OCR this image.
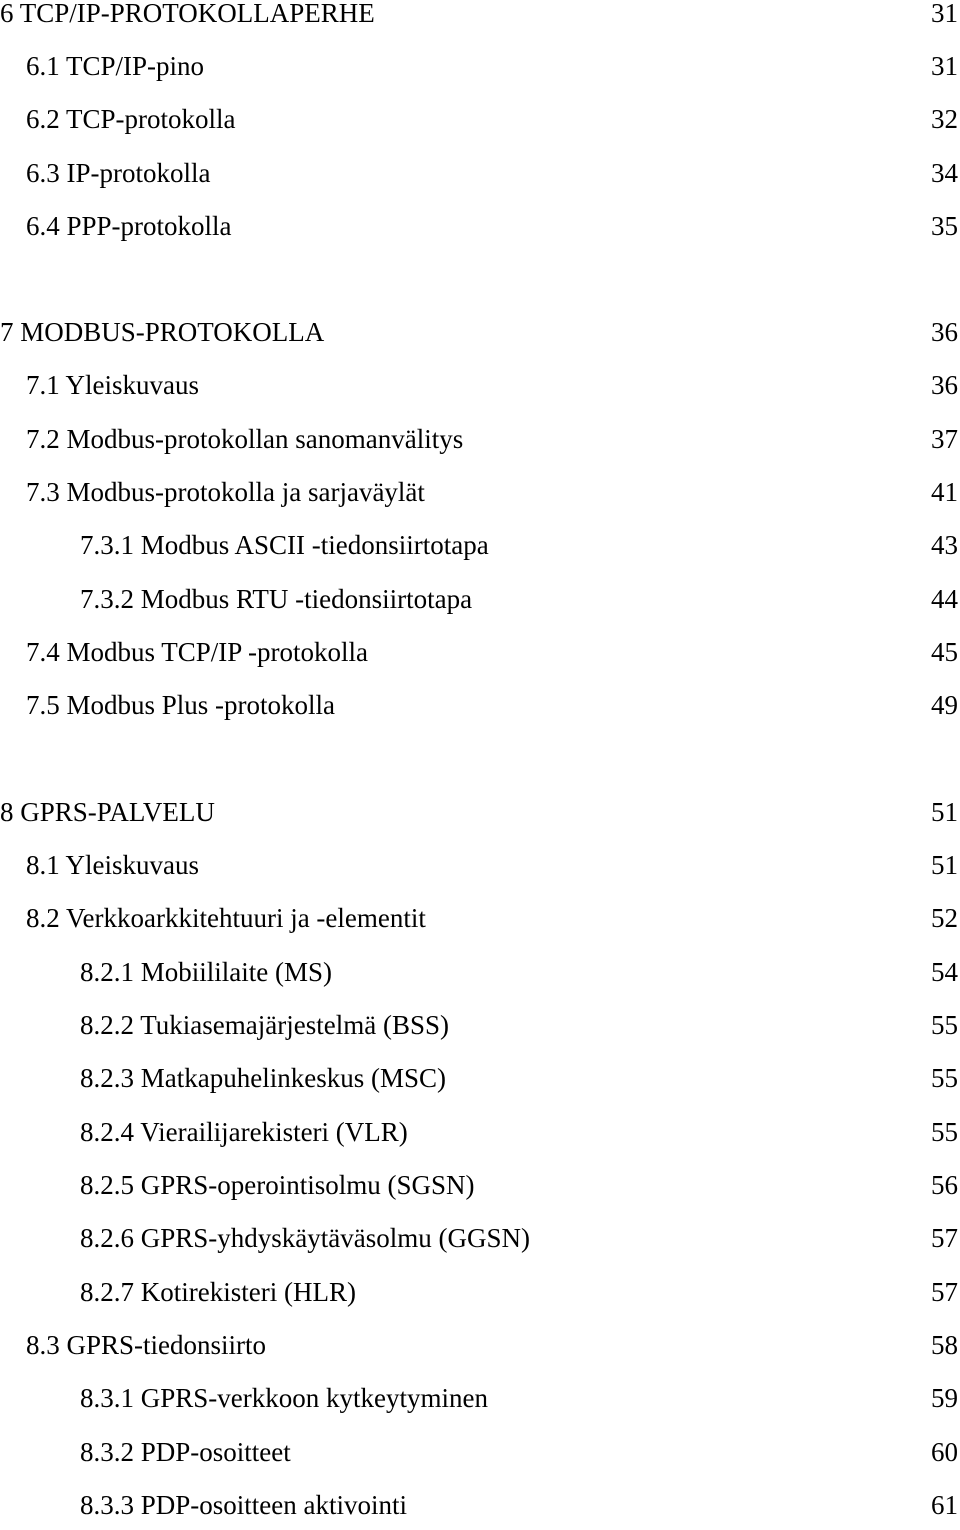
6 TCP/IP-PROTOKOLLAPERHE	31
6.1 TCP/IP-pino	31
6.2 TCP-protokolla	32
6.3 IP-protokolla	34
6.4 PPP-protokolla	35
7 MODBUS-PROTOKOLLA	36
7.1 Yleiskuvaus	36
7.2 Modbus-protokollan sanomanvälitys	37
7.3 Modbus-protokolla ja sarjaväylät	41
7.3.1 Modbus ASCII -tiedonsiirtotapa	43
7.3.2 Modbus RTU -tiedonsiirtotapa	44
7.4 Modbus TCP/IP -protokolla	45
7.5 Modbus Plus -protokolla	49
8 GPRS-PALVELU	51
8.1 Yleiskuvaus	51
8.2 Verkkoarkkitehtuuri ja -elementit	52
8.2.1 Mobiililaite (MS)	54
8.2.2 Tukiasemajärjestelmä (BSS)	55
8.2.3 Matkapuhelinkeskus (MSC)	55
8.2.4 Vierailijarekisteri (VLR)	55
8.2.5 GPRS-operointisolmu (SGSN)	56
8.2.6 GPRS-yhdyskäytäväsolmu (GGSN)	57
8.2.7 Kotirekisteri (HLR)	57
8.3 GPRS-tiedonsiirto	58
8.3.1 GPRS-verkkoon kytkeytyminen	59
8.3.2 PDP-osoitteet	60
8.3.3 PDP-osoitteen aktivointi	61
